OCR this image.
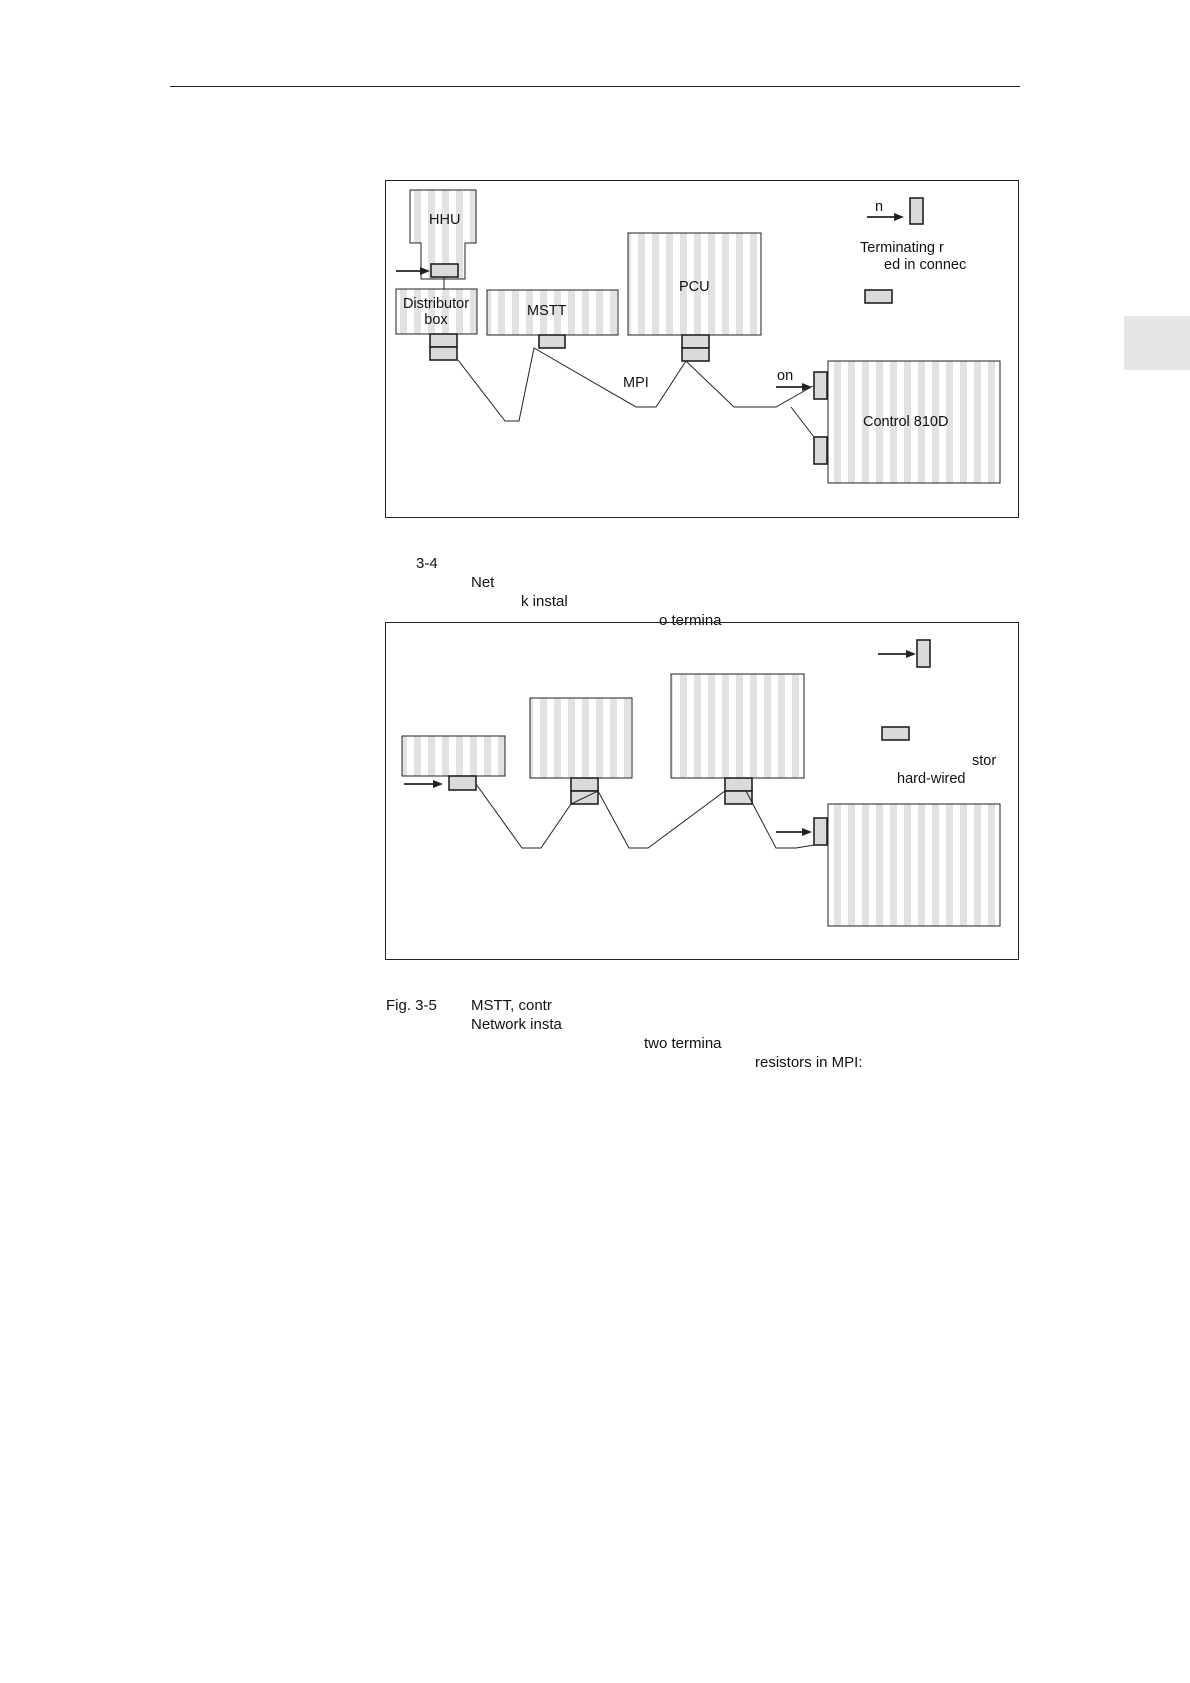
HHU
Distributor
box
MSTT
PCU
Control 810D
on
MPI
n
Terminating r
ed in connec

3-4

Net

k instal

o termina

stor
hard-wired

Fig. 3-5

Network insta

two termina

resistors in MPI:

MSTT, contr
